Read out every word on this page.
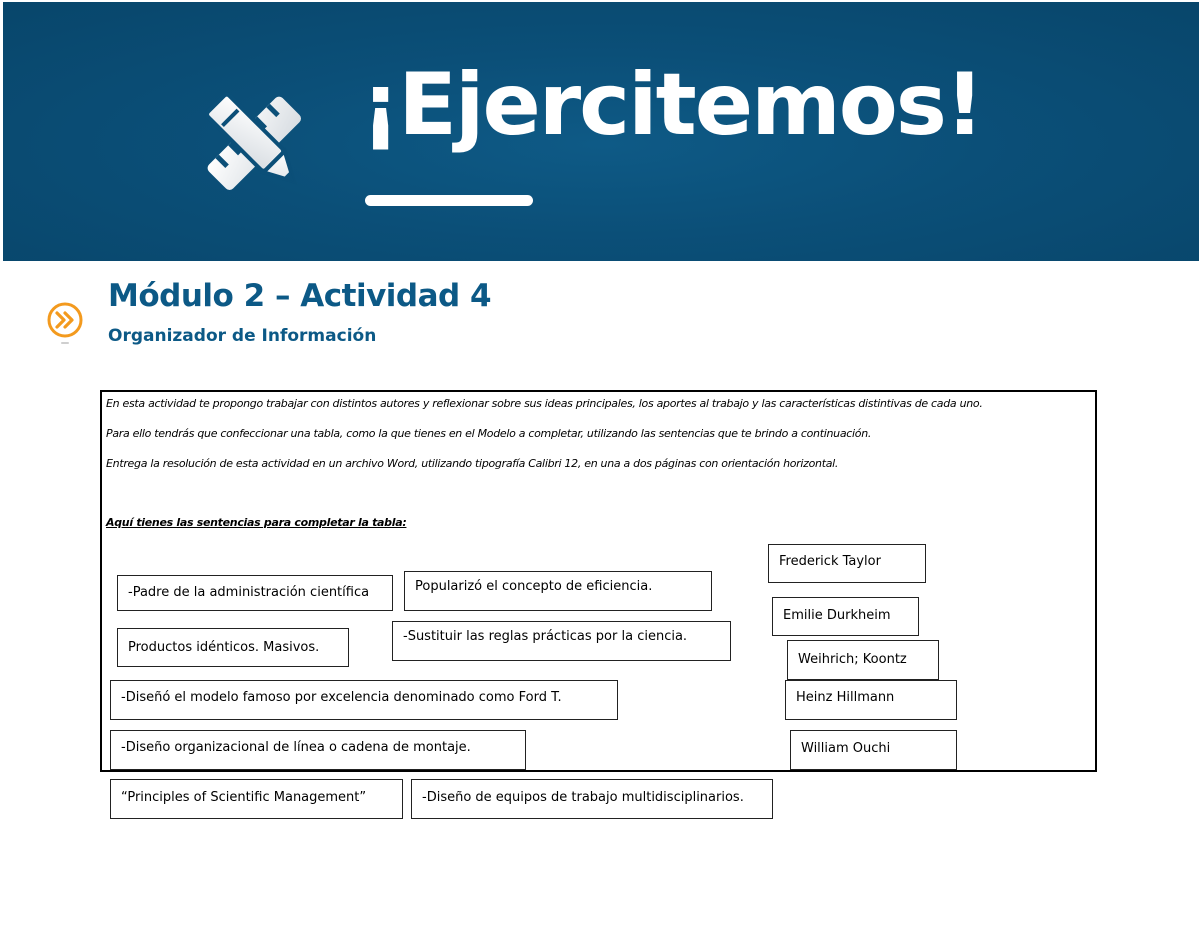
¡Ejercitemos!
Módulo 2 – Actividad 4
Organizador de Información
En esta actividad te propongo trabajar con distintos autores y reflexionar sobre sus ideas principales, los aportes al trabajo y las características distintivas de cada uno.
Para ello tendrás que confeccionar una tabla, como la que tienes en el Modelo a completar, utilizando las sentencias que te brindo a continuación.
Entrega la resolución de esta actividad en un archivo Word, utilizando tipografía Calibri 12, en una a dos páginas con orientación horizontal.
Aquí tienes las sentencias para completar la tabla:
Frederick Taylor
-Padre de la administración científica	Popularizó el concepto de eficiencia.
Emilie Durkheim
Productos idénticos. Masivos.
-Sustituir las reglas prácticas por la ciencia.
Weihrich; Koontz
-Diseñó el modelo famoso por excelencia denominado como Ford T.	Heinz Hillmann
-Diseño organizacional de línea o cadena de montaje.	William Ouchi
“Principles of Scientific Management”	-Diseño de equipos de trabajo multidisciplinarios.
